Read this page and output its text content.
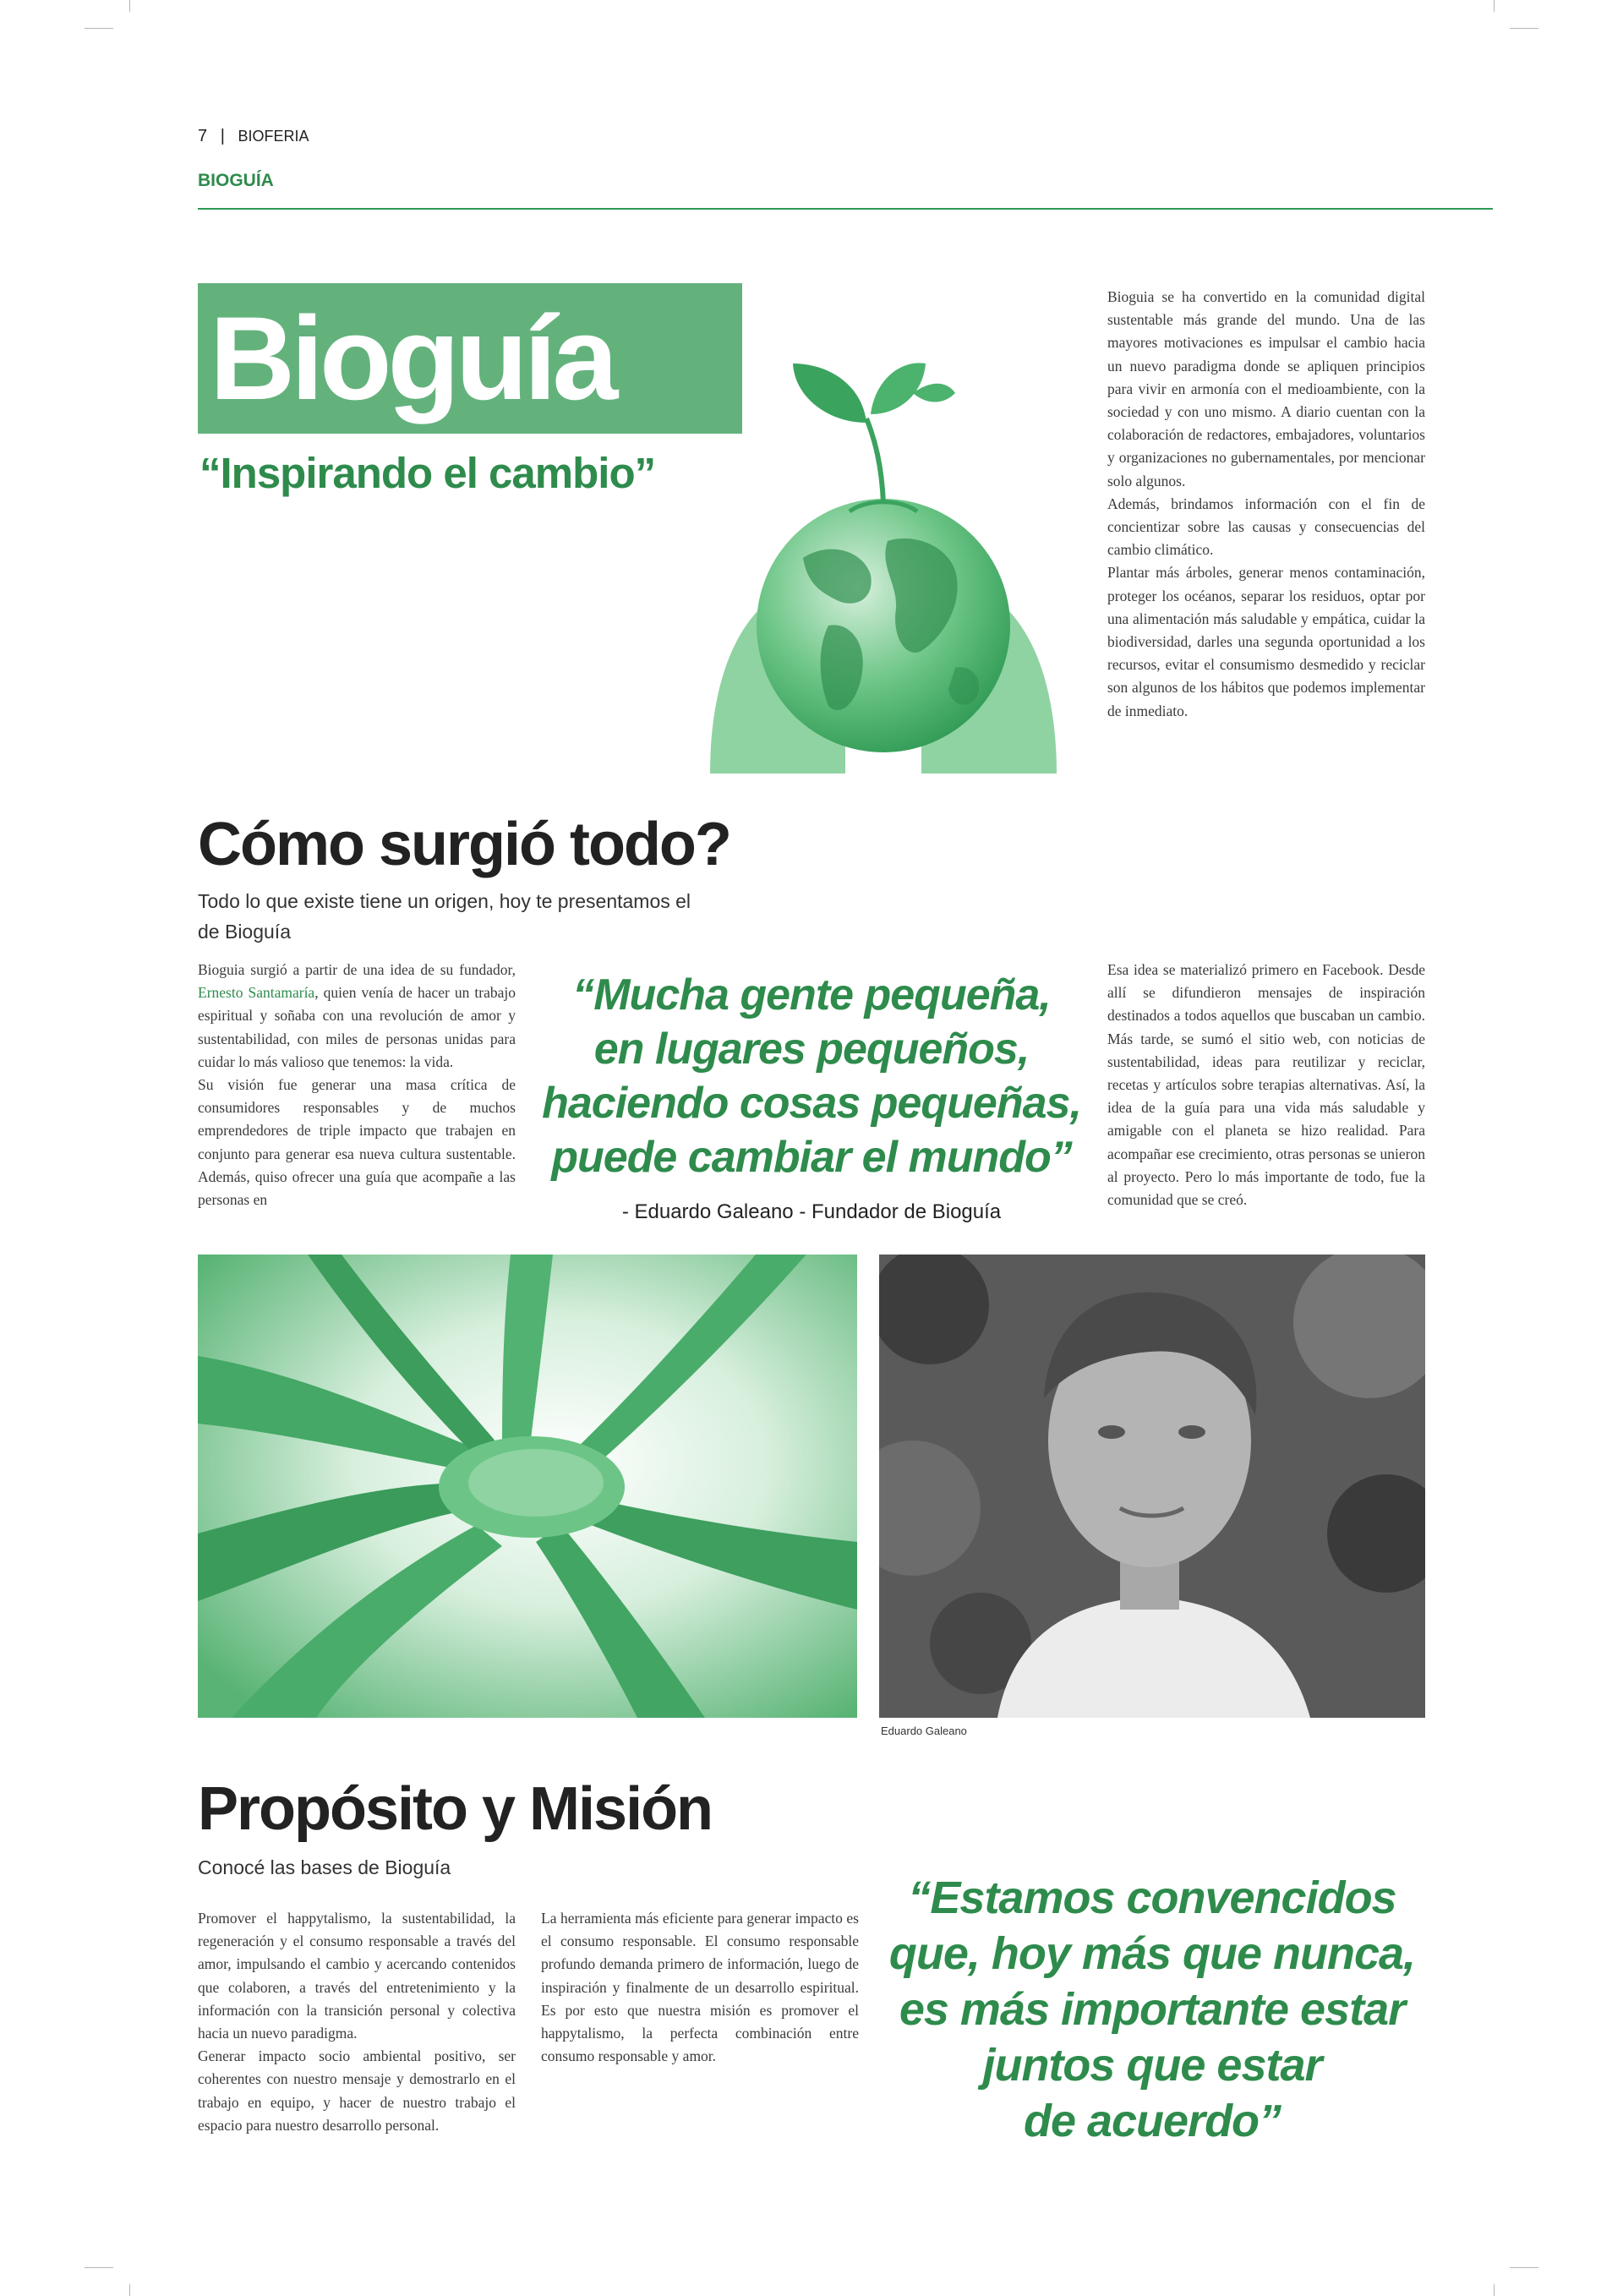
7 | BIOFERIA
BIOGUÍA
Bioguía
“Inspirando el cambio”

Bioguia se ha convertido en la comunidad digital sustentable más grande del mundo. Una de las mayores motivaciones es impulsar el cambio hacia un nuevo paradigma donde se apliquen principios para vivir en armonía con el medioambiente, con la sociedad y con uno mismo. A diario cuentan con la colaboración de redactores, embajadores, voluntarios y organizaciones no gubernamentales, por mencionar solo algunos.

Además, brindamos información con el fin de concientizar sobre las causas y consecuencias del cambio climático.

Plantar más árboles, generar menos contaminación, proteger los océanos, separar los residuos, optar por una alimentación más saludable y empática, cuidar la biodiversidad, darles una segunda oportunidad a los recursos, evitar el consumismo desmedido y reciclar son algunos de los hábitos que podemos implementar de inmediato.

Cómo surgió todo?
Todo lo que existe tiene un origen, hoy te presentamos el
de Bioguía

Bioguia surgió a partir de una idea de su fundador, Ernesto Santamaría, quien venía de hacer un trabajo espiritual y soñaba con una revolución de amor y sustentabilidad, con miles de personas unidas para cuidar lo más valioso que tenemos: la vida.

Su visión fue generar una masa crítica de consumidores responsables y de muchos emprendedores de triple impacto que trabajen en conjunto para generar esa nueva cultura sustentable. Además, quiso ofrecer una guía que acompañe a las personas en

“Mucha gente pequeña,
en lugares pequeños,
haciendo cosas pequeñas,
puede cambiar el mundo”
- Eduardo Galeano - Fundador de Bioguía

Esa idea se materializó primero en Facebook. Desde allí se difundieron mensajes de inspiración destinados a todos aquellos que buscaban un cambio. Más tarde, se sumó el sitio web, con noticias de sustentabilidad, ideas para reutilizar y reciclar, recetas y artículos sobre terapias alternativas. Así, la idea de la guía para una vida más saludable y amigable con el planeta se hizo realidad. Para acompañar ese crecimiento, otras personas se unieron al proyecto. Pero lo más importante de todo, fue la comunidad que se creó.

Eduardo Galeano
Propósito y Misión
Conocé las bases de Bioguía

Promover el happytalismo, la sustentabilidad, la regeneración y el consumo responsable a través del amor, impulsando el cambio y acercando contenidos que colaboren, a través del entretenimiento y la información con la transición personal y colectiva hacia un nuevo paradigma.

Generar impacto socio ambiental positivo, ser coherentes con nuestro mensaje y demostrarlo en el trabajo en equipo, y hacer de nuestro trabajo el espacio para nuestro desarrollo personal.

La herramienta más eficiente para generar impacto es el consumo responsable. El consumo responsable profundo demanda primero de información, luego de inspiración y finalmente de un desarrollo espiritual. Es por esto que nuestra misión es promover el happytalismo, la perfecta combinación entre consumo responsable y amor.

“Estamos convencidos
que, hoy más que nunca,
es más importante estar
juntos que estar
de acuerdo”
